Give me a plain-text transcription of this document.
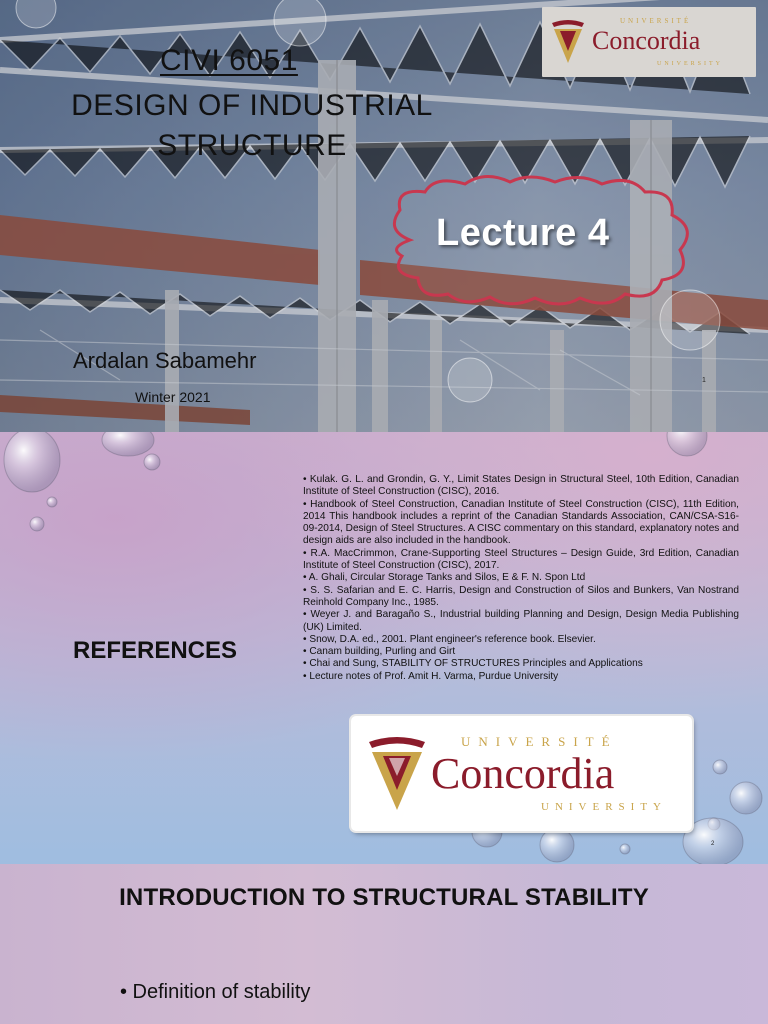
UNIVERSITÉ
Concordia
UNIVERSITY
CIVI 6051
DESIGN OF INDUSTRIAL
STRUCTURE
Lecture 4
Ardalan Sabamehr
Winter 2021
1
REFERENCES
• Kulak. G. L. and Grondin, G. Y., Limit States Design in Structural Steel, 10th Edition, Canadian Institute of Steel Construction (CISC), 2016.
• Handbook of Steel Construction, Canadian Institute of Steel Construction (CISC), 11th Edition, 2014 This handbook includes a reprint of the Canadian Standards Association, CAN/CSA-S16-09-2014, Design of Steel Structures. A CISC commentary on this standard, explanatory notes and design aids are also included in the handbook.
• R.A. MacCrimmon, Crane-Supporting Steel Structures – Design Guide, 3rd Edition, Canadian Institute of Steel Construction (CISC), 2017.
• A. Ghali, Circular Storage Tanks and Silos, E & F. N. Spon Ltd
• S. S. Safarian and E. C. Harris, Design and Construction of Silos and Bunkers, Van Nostrand Reinhold Company Inc., 1985.
• Weyer J. and Baragaño S., Industrial building Planning and Design, Design Media Publishing (UK) Limited.
• Snow, D.A. ed., 2001. Plant engineer's reference book. Elsevier.
• Canam building, Purling and Girt
• Chai and Sung, STABILITY OF STRUCTURES Principles and Applications
• Lecture notes of Prof. Amit H. Varma, Purdue University
UNIVERSITÉ
Concordia
UNIVERSITY
2
INTRODUCTION TO STRUCTURAL STABILITY
• Definition of stability
